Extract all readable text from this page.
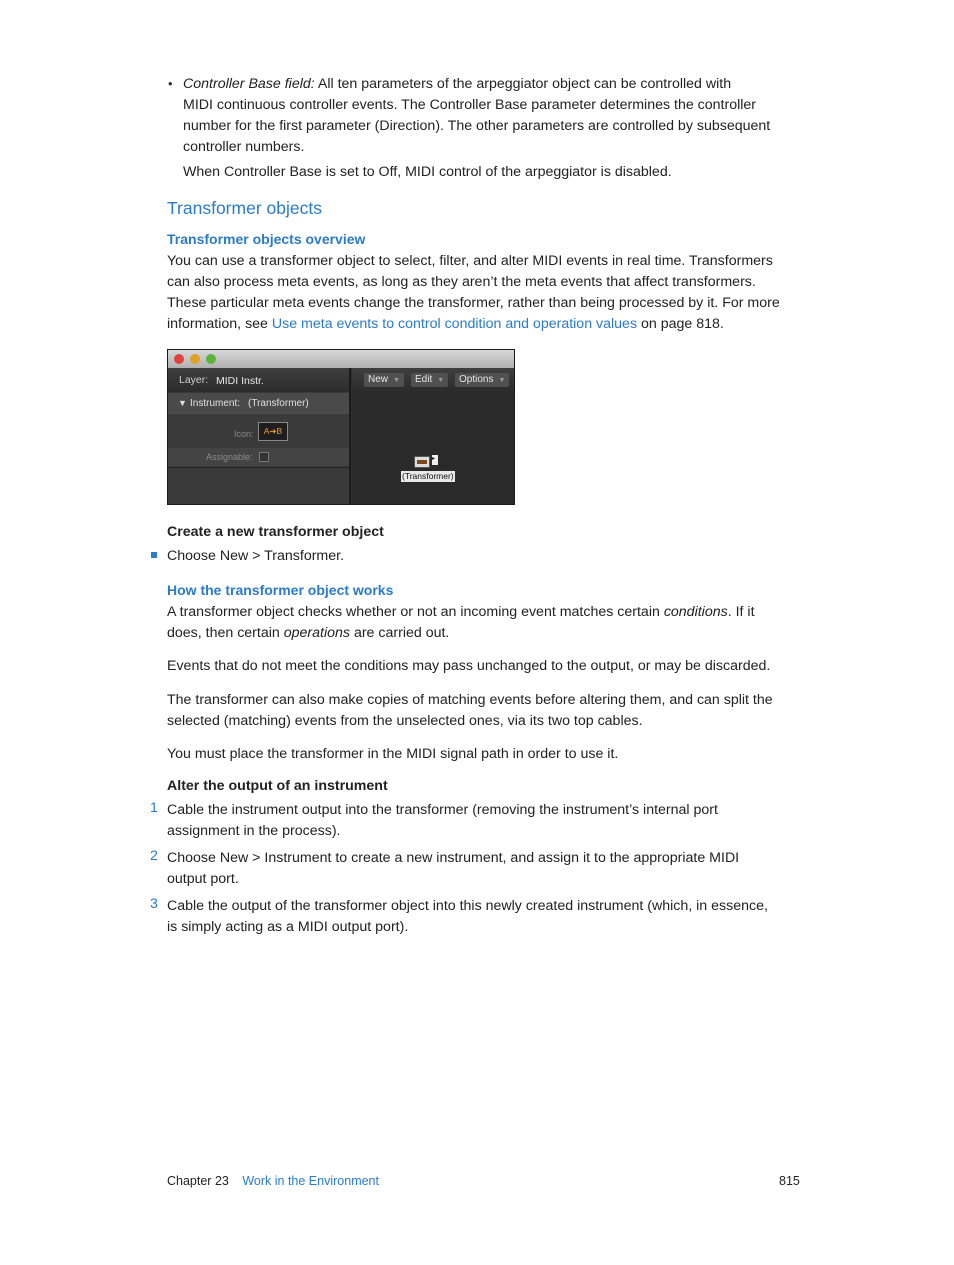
• Controller Base field: All ten parameters of the arpeggiator object can be controlled with

MIDI continuous controller events. The Controller Base parameter determines the controller

number for the first parameter (Direction). The other parameters are controlled by subsequent

controller numbers.

When Controller Base is set to Off, MIDI control of the arpeggiator is disabled.

Transformer objects
Transformer objects overview

You can use a transformer object to select, filter, and alter MIDI events in real time. Transformers

can also process meta events, as long as they aren’t the meta events that affect transformers.

These particular meta events change the transformer, rather than being processed by it. For more

information, see Use meta events to control condition and operation values on page 818.

Layer: MIDI Instr.
▼ Instrument: (Transformer)
Icon:	A➔B
Assignable:
New ▼	Edit ▼	Options ▼
▸
(Transformer)
Create a new transformer object

Choose New > Transformer.

How the transformer object works

A transformer object checks whether or not an incoming event matches certain conditions. If it

does, then certain operations are carried out.

Events that do not meet the conditions may pass unchanged to the output, or may be discarded.

The transformer can also make copies of matching events before altering them, and can split the

selected (matching) events from the unselected ones, via its two top cables.

You must place the transformer in the MIDI signal path in order to use it.

Alter the output of an instrument
1 Cable the instrument output into the transformer (removing the instrument’s internal port

assignment in the process).

2 Choose New > Instrument to create a new instrument, and assign it to the appropriate MIDI

output port.

3 Cable the output of the transformer object into this newly created instrument (which, in essence,

is simply acting as a MIDI output port).

Chapter 23 Work in the Environment	815
